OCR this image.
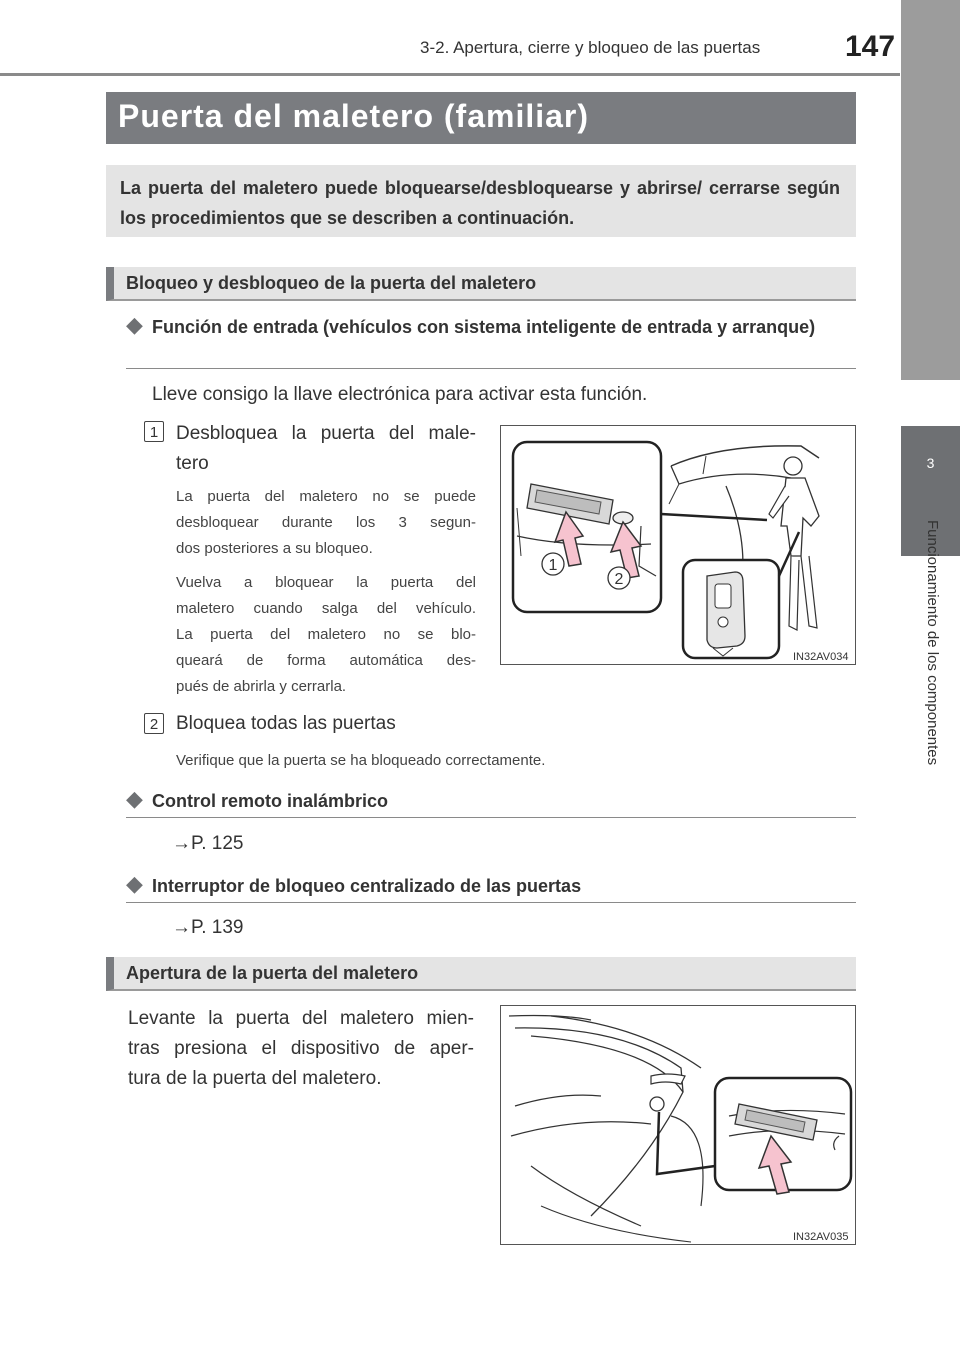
3-2. Apertura, cierre y bloqueo de las puertas	147
3
Funcionamiento de los componentes
Puerta del maletero (familiar)

La puerta del maletero puede bloquearse/desbloquearse y abrirse/ cerrarse según los procedimientos que se describen a continuación.

Bloqueo y desbloqueo de la puerta del maletero
◆ Función de entrada (vehículos con sistema inteligente de entrada y arranque)
Lleve consigo la llave electrónica para activar esta función.
1 Desbloquea la puerta del male-
tero
La puerta del maletero no se puede
desbloquear durante los 3 segun-
dos posteriores a su bloqueo.
Vuelva a bloquear la puerta del
maletero cuando salga del vehículo.
La puerta del maletero no se blo-
queará de forma automática des-
pués de abrirla y cerrarla.
1
2
IN32AV034
2 Bloquea todas las puertas
Verifique que la puerta se ha bloqueado correctamente.
◆ Control remoto inalámbrico
→P. 125
◆ Interruptor de bloqueo centralizado de las puertas
→P. 139
Apertura de la puerta del maletero
Levante la puerta del maletero mien-
tras presiona el dispositivo de aper-
tura de la puerta del maletero.
IN32AV035
